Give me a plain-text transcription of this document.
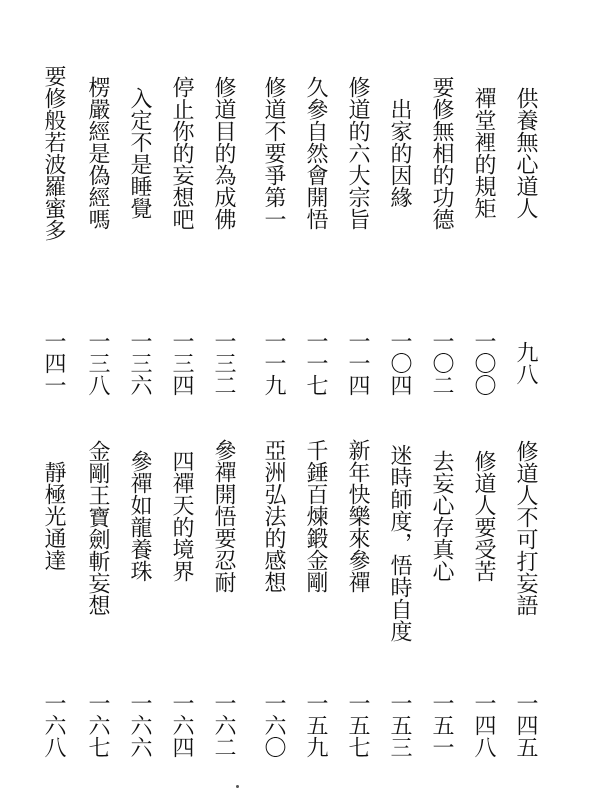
供養無心道人
禪堂裡的規矩
要修無相的功德
出家的因緣
修道的六大宗旨
久參自然會開悟
修道不要爭第一
修道目的為成佛
停止你的妄想吧
入定不是睡覺
楞嚴經是偽經嗎
要修般若波羅蜜多
九八
一〇〇
一〇二
一〇四
一一四
一一七
一一九
一三二
一三四
一三六
一三八
一四一
修道人不可打妄語
修道人要受苦
去妄心存真心
迷時師度，悟時自度
新年快樂來參禪
千錘百煉鍛金剛
亞洲弘法的感想
參禪開悟要忍耐
四禪天的境界
參禪如龍養珠
金剛王寶劍斬妄想
靜極光通達
一四五
一四八
一五一
一五三
一五七
一五九
一六〇
一六二
一六四
一六六
一六七
一六八
